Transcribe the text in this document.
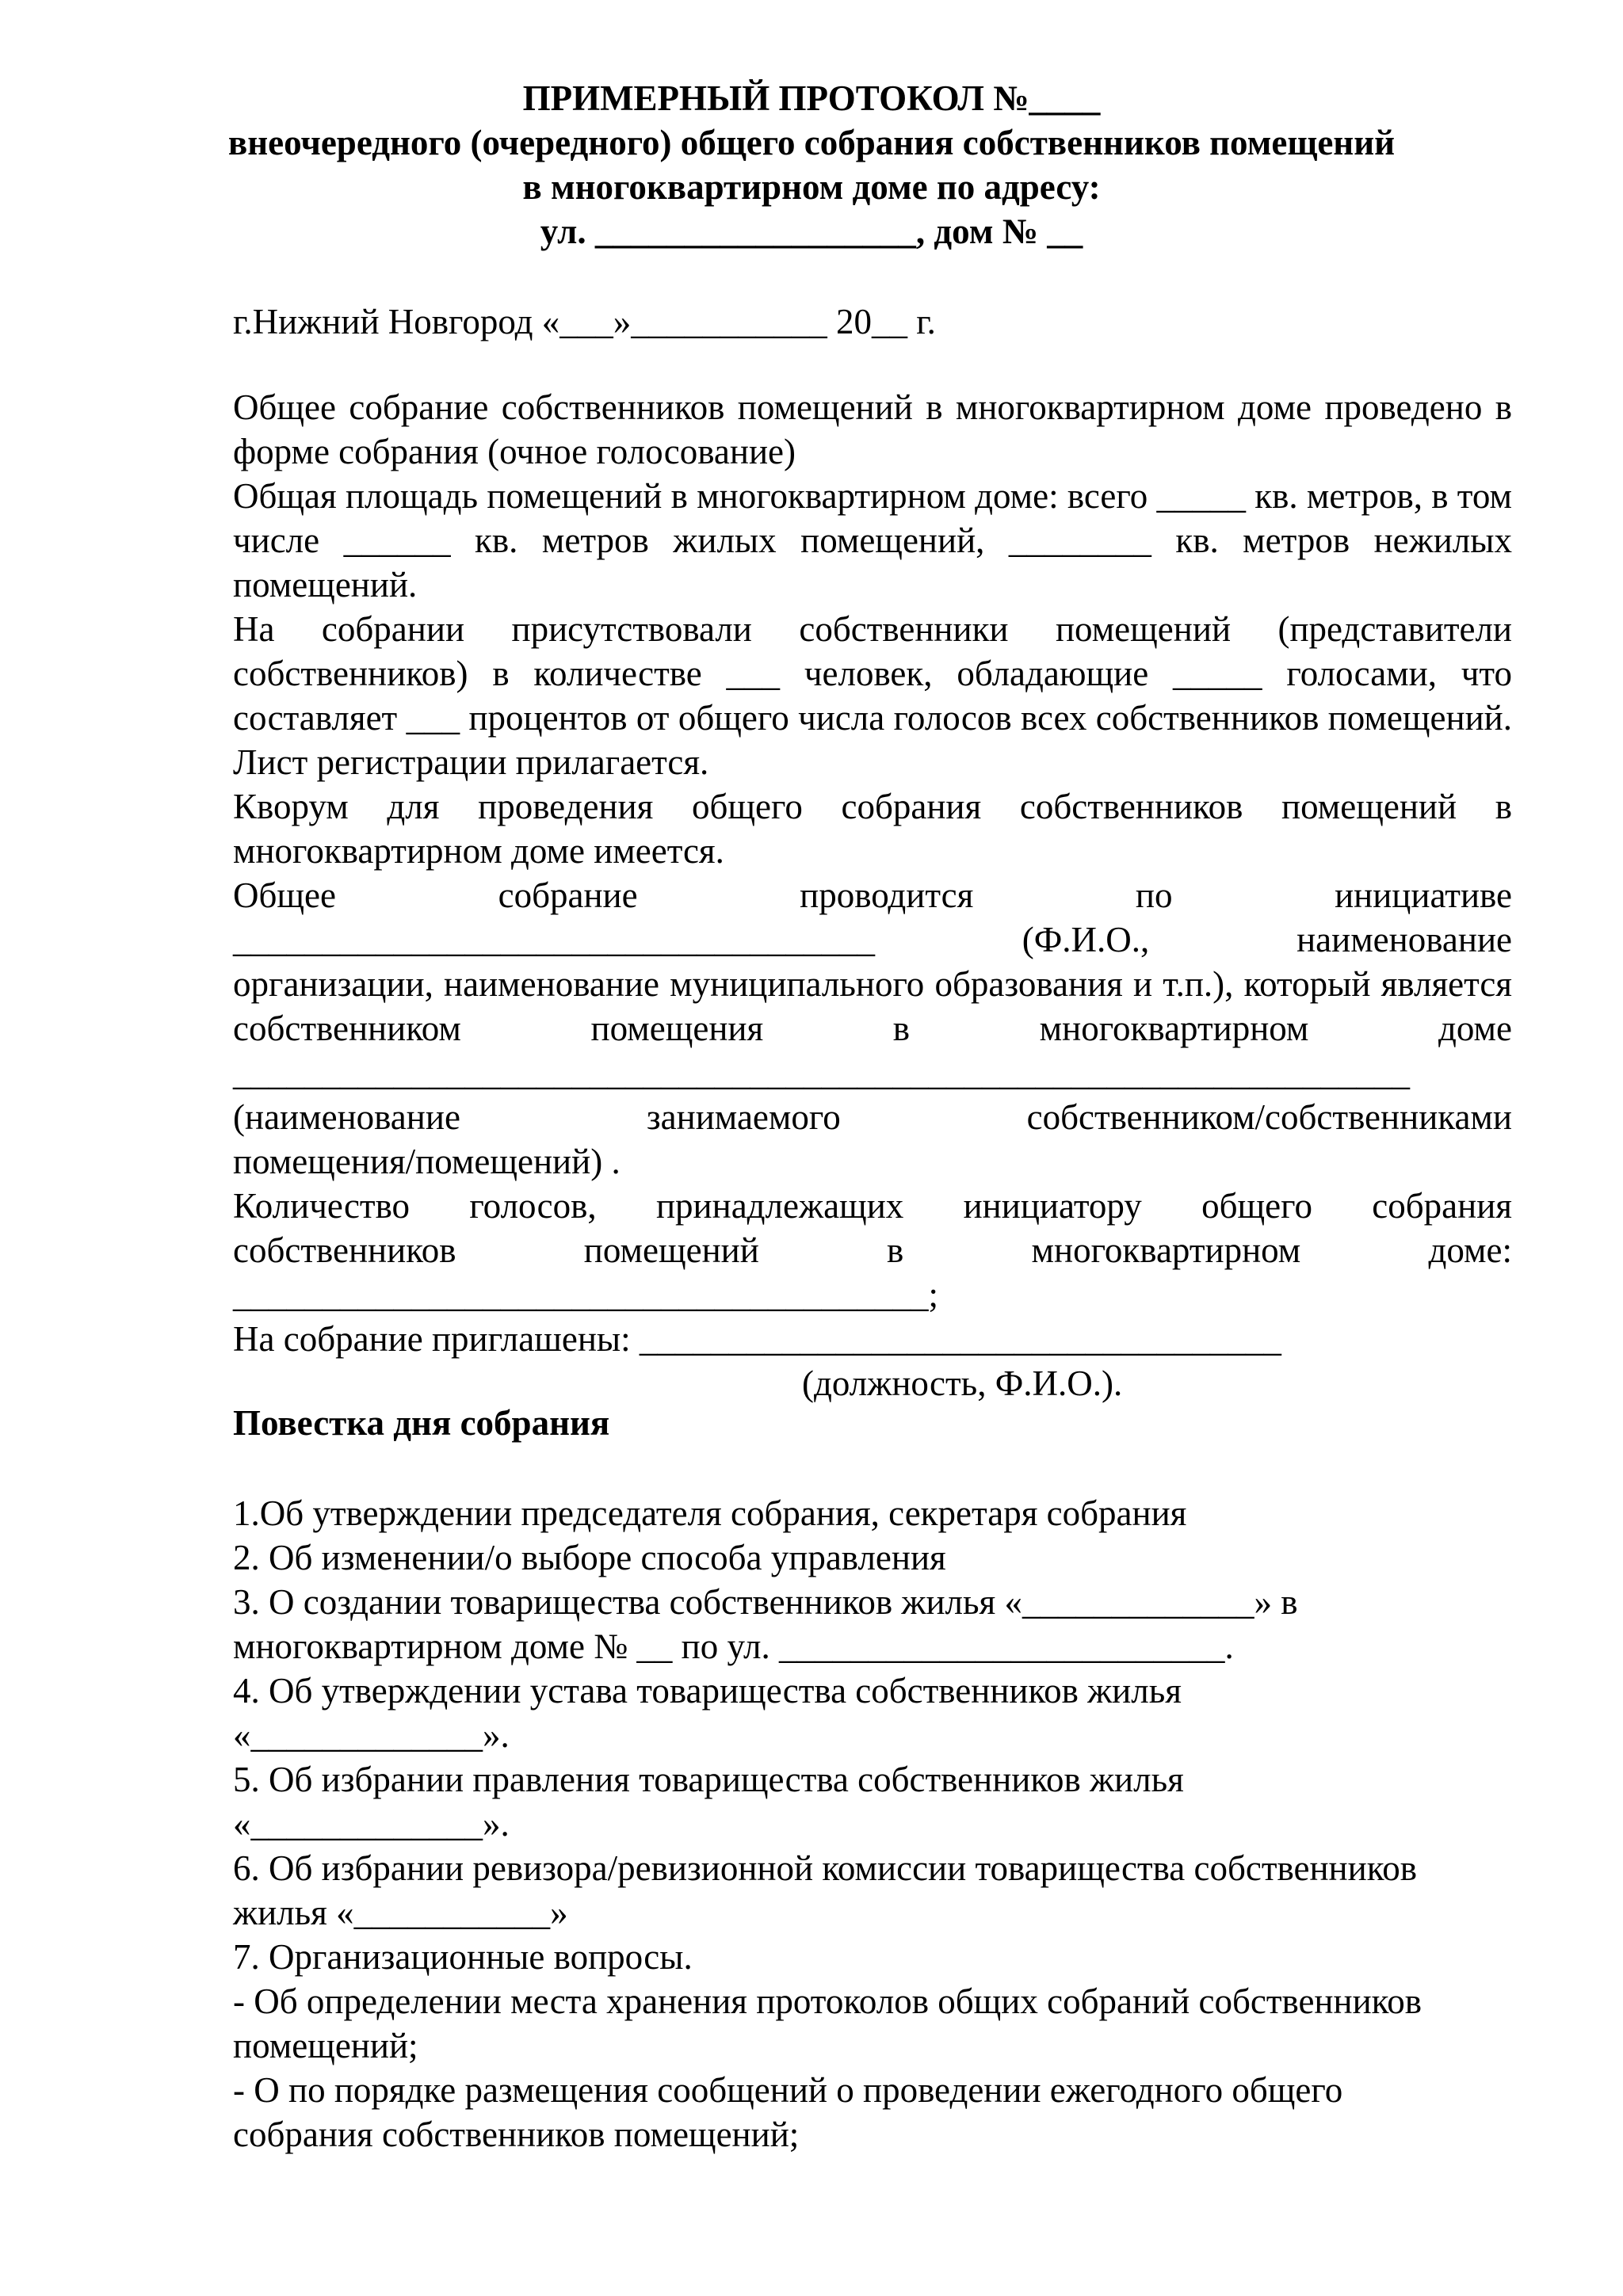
ПРИМЕРНЫЙ ПРОТОКОЛ №____
внеочередного (очередного) общего собрания собственников помещений
в многоквартирном доме по адресу:
ул. __________________, дом № __
г.Нижний Новгород «___»___________ 20__ г.

Общее собрание собственников помещений в многоквартирном доме проведено в форме собрания (очное голосование)

Общая площадь помещений в многоквартирном доме: всего _____ кв. метров, в том числе ______ кв. метров жилых помещений, ________ кв. метров нежилых помещений.

На собрании присутствовали собственники помещений (представители собственников) в количестве ___ человек, обладающие _____ голосами, что составляет ___ процентов от общего числа голосов всех собственников помещений. Лист регистрации прилагается.

Кворум для проведения общего собрания собственников помещений в многоквартирном доме имеется.

Общее собрание проводится по инициативе

____________________________________ (Ф.И.О., наименование

организации, наименование муниципального образования и т.п.), который является собственником помещения в многоквартирном доме

__________________________________________________________________

(наименование занимаемого собственником/собственниками

помещения/помещений) .

Количество голосов, принадлежащих инициатору общего собрания

собственников помещений в многоквартирном доме:

_______________________________________;

На собрание приглашены: ____________________________________

(должность, Ф.И.О.).

Повестка дня собрания
1.Об утверждении председателя собрания, секретаря собрания
2. Об изменении/о выборе способа управления
3. О создании товарищества собственников жилья «_____________» в
многоквартирном доме № __ по ул. _________________________.
4. Об утверждении устава товарищества собственников жилья
«_____________».
5. Об избрании правления товарищества собственников жилья
«_____________».
6. Об избрании ревизора/ревизионной комиссии товарищества собственников
жилья «___________»
7. Организационные вопросы.
- Об определении места хранения протоколов общих собраний собственников
помещений;
- О по порядке размещения сообщений о проведении ежегодного общего
собрания собственников помещений;
